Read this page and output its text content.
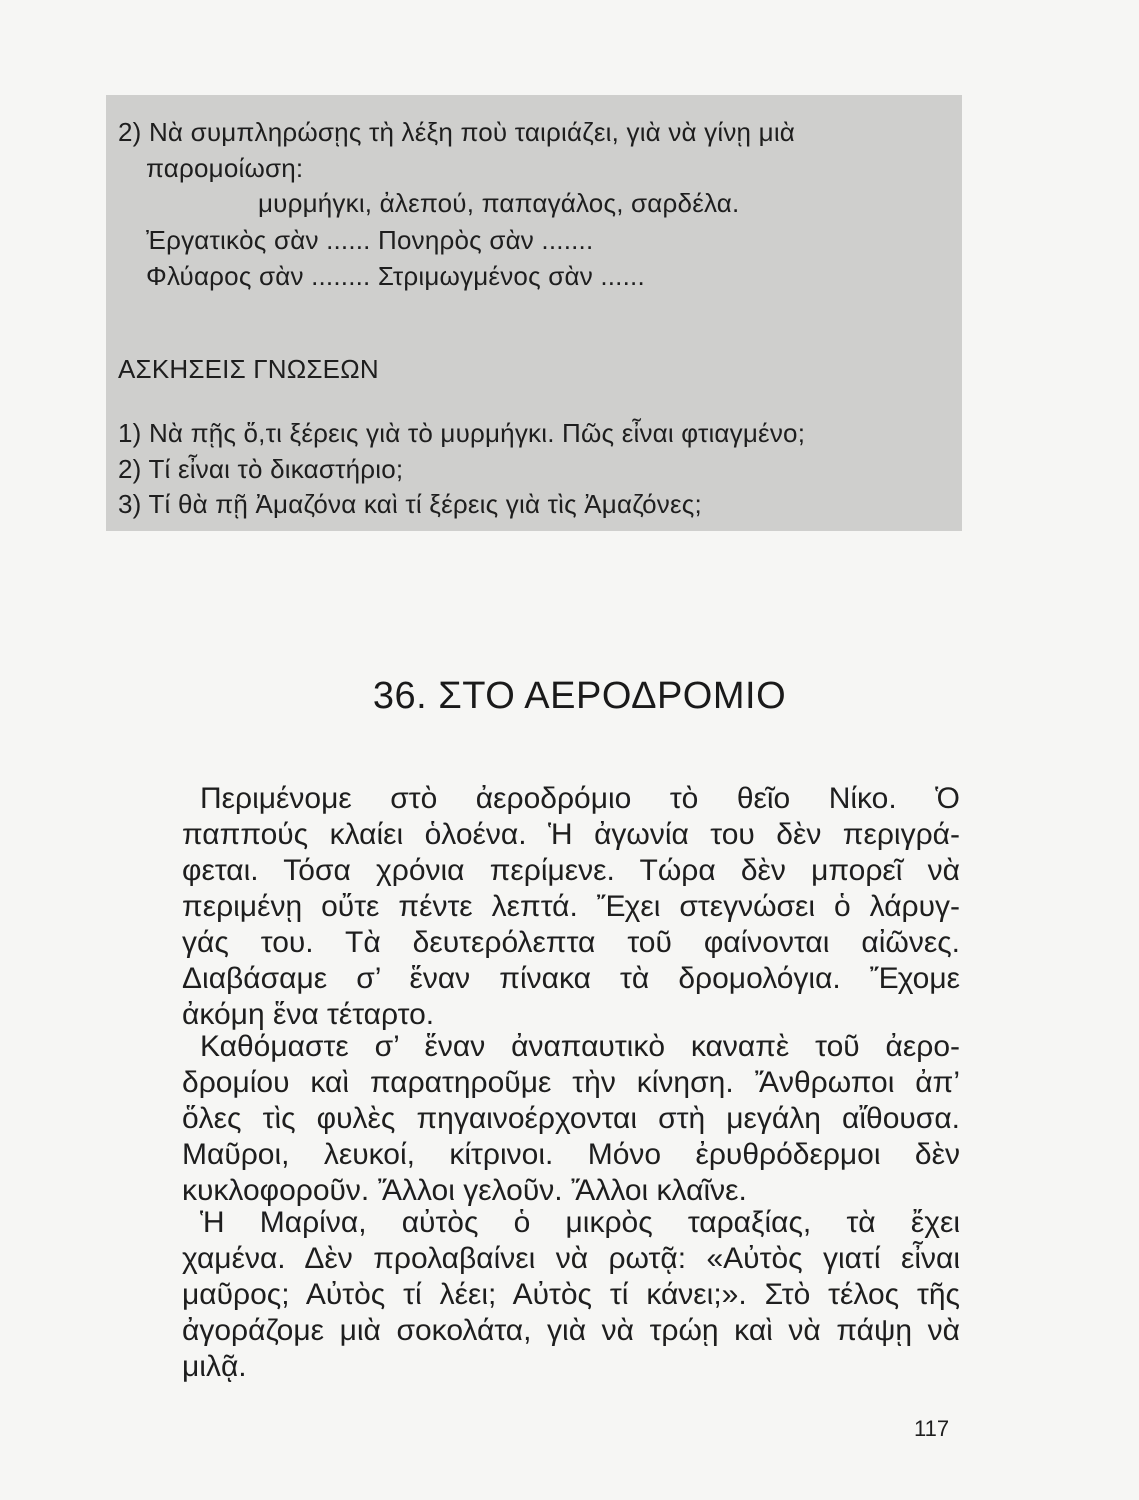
2) Νὰ συμπληρώσῃς τὴ λέξη ποὺ ταιριάζει, γιὰ νὰ γίνῃ μιὰ
παρομοίωση:
μυρμήγκι, ἀλεπού, παπαγάλος, σαρδέλα.
Ἐργατικὸς σὰν ...... Πονηρὸς σὰν .......
Φλύαρος σὰν ........ Στριμωγμένος σὰν ......
ΑΣΚΗΣΕΙΣ ΓΝΩΣΕΩΝ
1) Νὰ πῇς ὅ,τι ξέρεις γιὰ τὸ μυρμήγκι. Πῶς εἶναι φτιαγμένο;
2) Τί εἶναι τὸ δικαστήριο;
3) Τί θὰ πῇ Ἀμαζόνα καὶ τί ξέρεις γιὰ τὶς Ἀμαζόνες;
36. ΣΤΟ ΑΕΡΟΔΡΟΜΙΟ
Περιμένομε στὸ ἀεροδρόμιο τὸ θεῖο Νίκο. Ὁ
παππούς κλαίει ὁλοένα. Ἡ ἀγωνία του δὲν περιγρά-
φεται. Τόσα χρόνια περίμενε. Τώρα δὲν μπορεῖ νὰ
περιμένῃ οὔτε πέντε λεπτά. Ἔχει στεγνώσει ὁ λάρυγ-
γάς του. Τὰ δευτερόλεπτα τοῦ φαίνονται αἰῶνες.
Διαβάσαμε σ’ ἕναν πίνακα τὰ δρομολόγια. Ἔχομε
ἀκόμη ἕνα τέταρτο.
Καθόμαστε σ’ ἕναν ἀναπαυτικὸ καναπὲ τοῦ ἀερο-
δρομίου καὶ παρατηροῦμε τὴν κίνηση. Ἄνθρωποι ἀπ’
ὅλες τὶς φυλὲς πηγαινοέρχονται στὴ μεγάλη αἴθουσα.
Μαῦροι, λευκοί, κίτρινοι. Μόνο ἐρυθρόδερμοι δὲν
κυκλοφοροῦν. Ἄλλοι γελοῦν. Ἄλλοι κλαῖνε.
Ἡ Μαρίνα, αὐτὸς ὁ μικρὸς ταραξίας, τὰ ἔχει
χαμένα. Δὲν προλαβαίνει νὰ ρωτᾷ: «Αὐτὸς γιατί εἶναι
μαῦρος; Αὐτὸς τί λέει; Αὐτὸς τί κάνει;». Στὸ τέλος τῆς
ἀγοράζομε μιὰ σοκολάτα, γιὰ νὰ τρώῃ καὶ νὰ πάψῃ νὰ
μιλᾷ.
117
